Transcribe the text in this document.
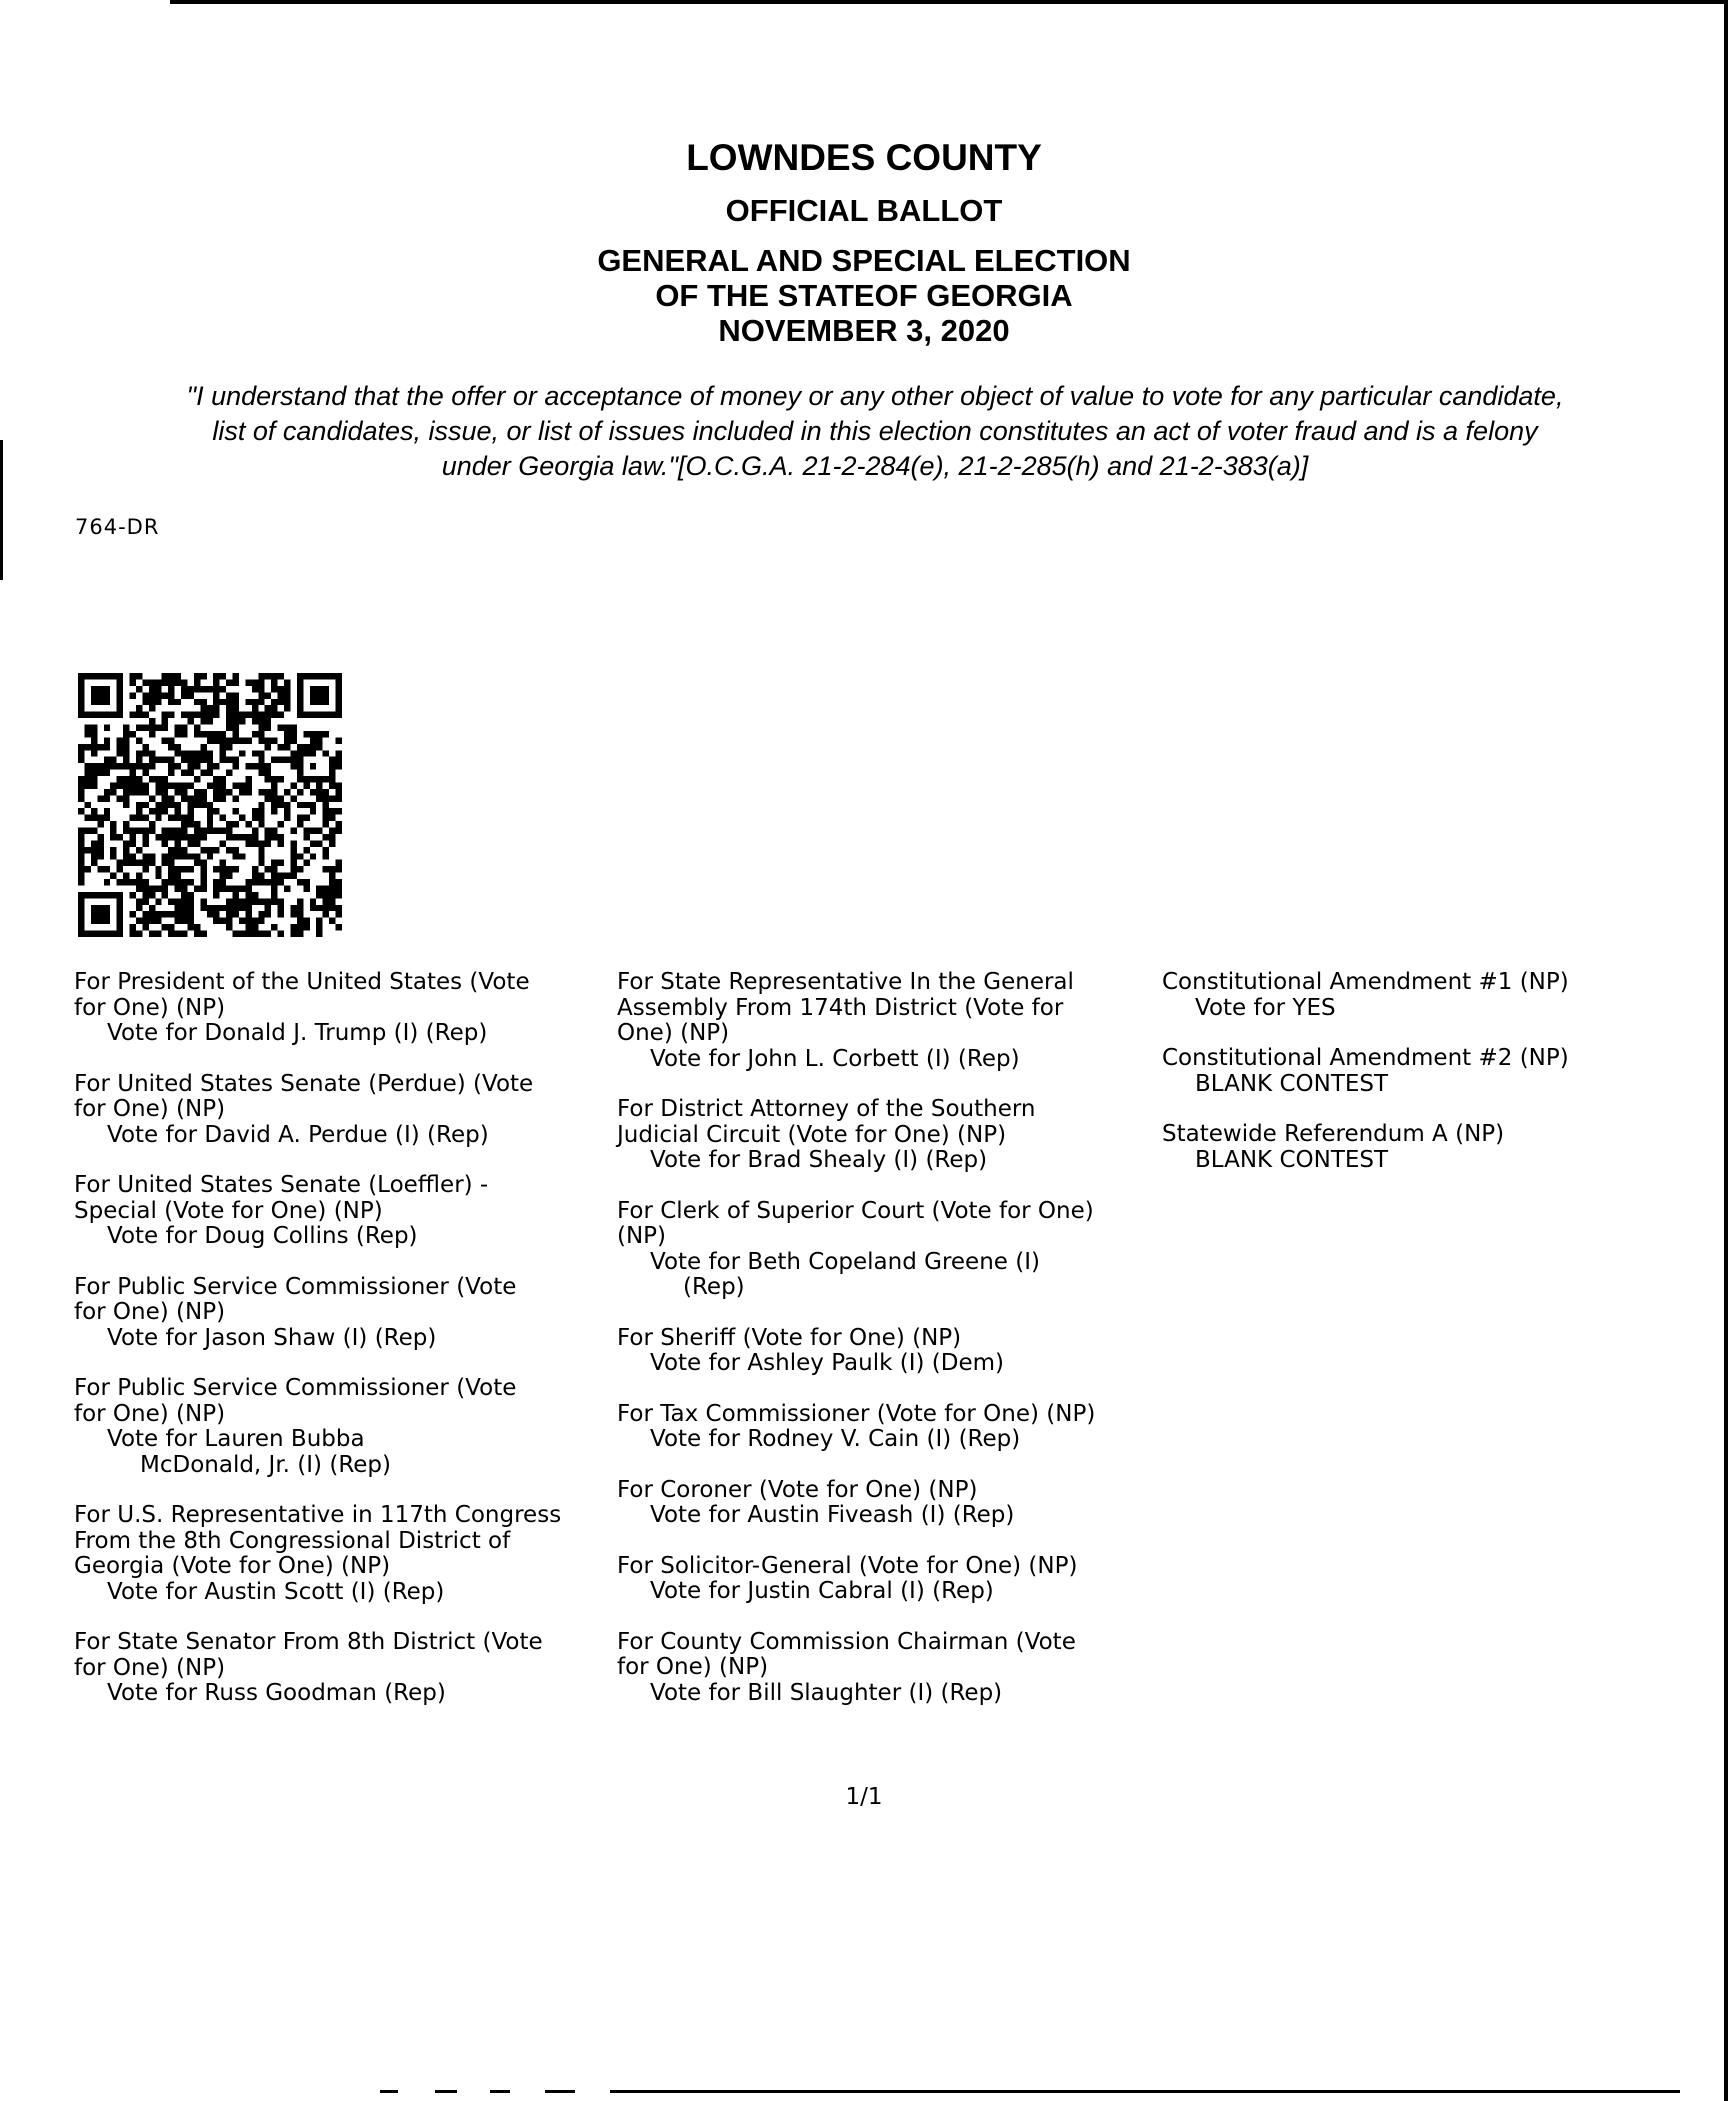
LOWNDES COUNTY
OFFICIAL BALLOT
GENERAL AND SPECIAL ELECTION
OF THE STATEOF GEORGIA
NOVEMBER 3, 2020
"I understand that the offer or acceptance of money or any other object of value to vote for any particular candidate,
list of candidates, issue, or list of issues included in this election constitutes an act of voter fraud and is a felony
under Georgia law."[O.C.G.A. 21-2-284(e), 21-2-285(h) and 21-2-383(a)]
764-DR
For President of the United States (Vote
for One) (NP)
Vote for Donald J. Trump (I) (Rep)
For United States Senate (Perdue) (Vote
for One) (NP)
Vote for David A. Perdue (I) (Rep)
For United States Senate (Loeffler) -
Special (Vote for One) (NP)
Vote for Doug Collins (Rep)
For Public Service Commissioner (Vote
for One) (NP)
Vote for Jason Shaw (I) (Rep)
For Public Service Commissioner (Vote
for One) (NP)
Vote for Lauren Bubba
McDonald, Jr. (I) (Rep)
For U.S. Representative in 117th Congress
From the 8th Congressional District of
Georgia (Vote for One) (NP)
Vote for Austin Scott (I) (Rep)
For State Senator From 8th District (Vote
for One) (NP)
Vote for Russ Goodman (Rep)
For State Representative In the General
Assembly From 174th District (Vote for
One) (NP)
Vote for John L. Corbett (I) (Rep)
For District Attorney of the Southern
Judicial Circuit (Vote for One) (NP)
Vote for Brad Shealy (I) (Rep)
For Clerk of Superior Court (Vote for One)
(NP)
Vote for Beth Copeland Greene (I)
(Rep)
For Sheriff (Vote for One) (NP)
Vote for Ashley Paulk (I) (Dem)
For Tax Commissioner (Vote for One) (NP)
Vote for Rodney V. Cain (I) (Rep)
For Coroner (Vote for One) (NP)
Vote for Austin Fiveash (I) (Rep)
For Solicitor-General (Vote for One) (NP)
Vote for Justin Cabral (I) (Rep)
For County Commission Chairman (Vote
for One) (NP)
Vote for Bill Slaughter (I) (Rep)
Constitutional Amendment #1 (NP)
Vote for YES
Constitutional Amendment #2 (NP)
BLANK CONTEST
Statewide Referendum A (NP)
BLANK CONTEST
1/1
